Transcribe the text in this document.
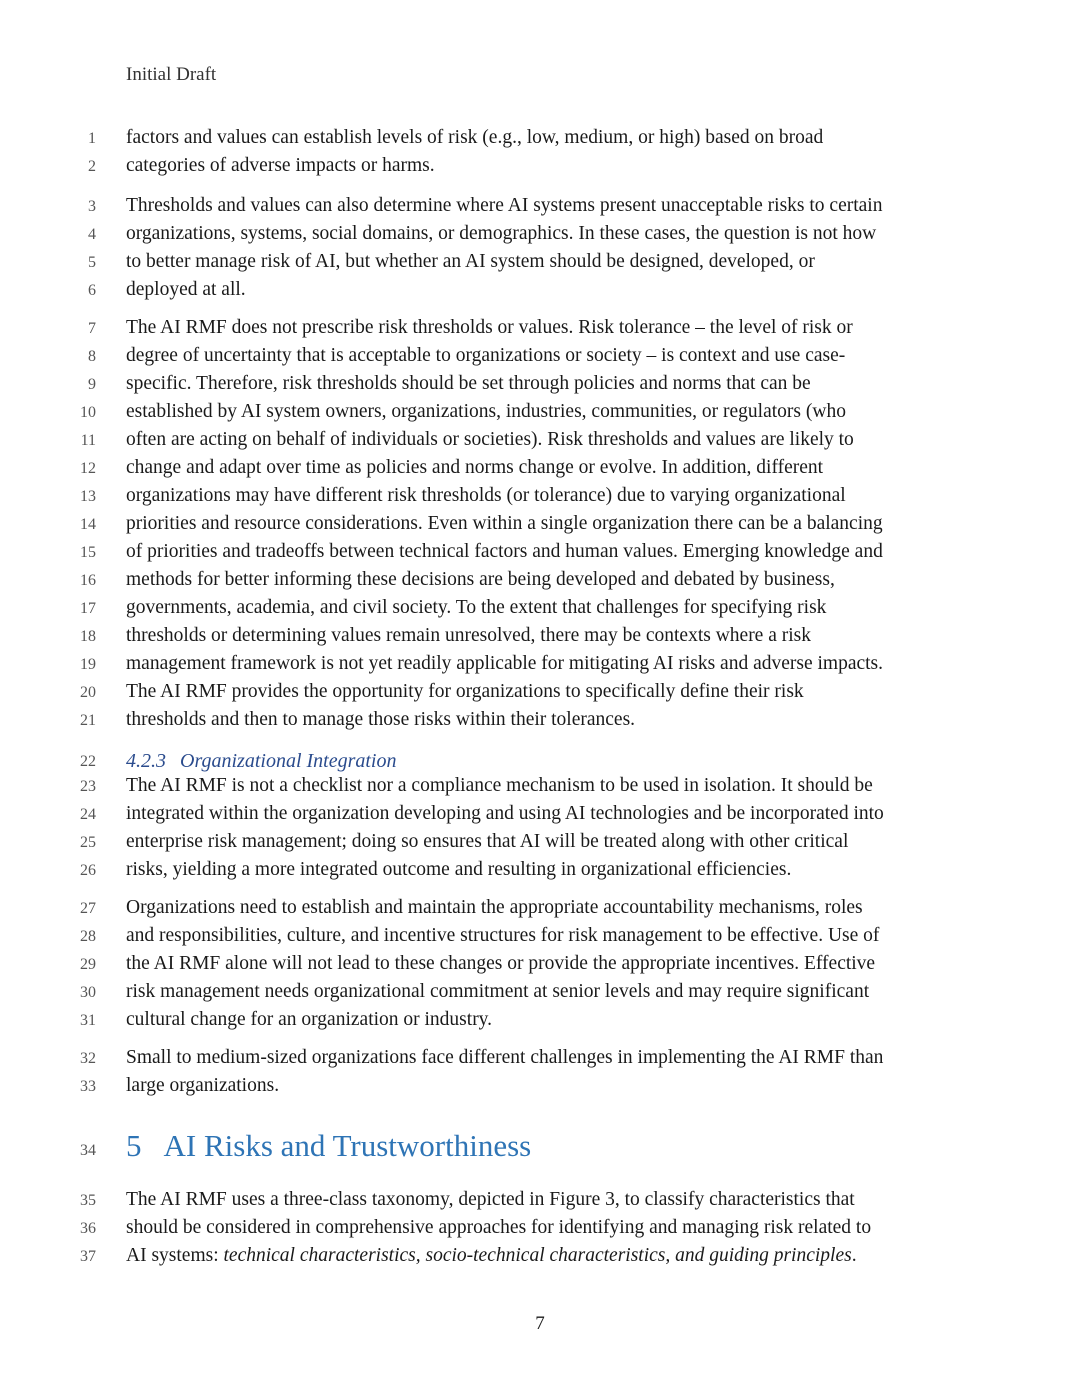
Initial Draft
1 factors and values can establish levels of risk (e.g., low, medium, or high) based on broad
2 categories of adverse impacts or harms.
3 Thresholds and values can also determine where AI systems present unacceptable risks to certain
4 organizations, systems, social domains, or demographics. In these cases, the question is not how
5 to better manage risk of AI, but whether an AI system should be designed, developed, or
6 deployed at all.
7 The AI RMF does not prescribe risk thresholds or values. Risk tolerance – the level of risk or
8 degree of uncertainty that is acceptable to organizations or society – is context and use case-
9 specific. Therefore, risk thresholds should be set through policies and norms that can be
10 established by AI system owners, organizations, industries, communities, or regulators (who
11 often are acting on behalf of individuals or societies). Risk thresholds and values are likely to
12 change and adapt over time as policies and norms change or evolve. In addition, different
13 organizations may have different risk thresholds (or tolerance) due to varying organizational
14 priorities and resource considerations. Even within a single organization there can be a balancing
15 of priorities and tradeoffs between technical factors and human values. Emerging knowledge and
16 methods for better informing these decisions are being developed and debated by business,
17 governments, academia, and civil society. To the extent that challenges for specifying risk
18 thresholds or determining values remain unresolved, there may be contexts where a risk
19 management framework is not yet readily applicable for mitigating AI risks and adverse impacts.
20 The AI RMF provides the opportunity for organizations to specifically define their risk
21 thresholds and then to manage those risks within their tolerances.
22 4.2.3 Organizational Integration
23 The AI RMF is not a checklist nor a compliance mechanism to be used in isolation. It should be
24 integrated within the organization developing and using AI technologies and be incorporated into
25 enterprise risk management; doing so ensures that AI will be treated along with other critical
26 risks, yielding a more integrated outcome and resulting in organizational efficiencies.
27 Organizations need to establish and maintain the appropriate accountability mechanisms, roles
28 and responsibilities, culture, and incentive structures for risk management to be effective. Use of
29 the AI RMF alone will not lead to these changes or provide the appropriate incentives. Effective
30 risk management needs organizational commitment at senior levels and may require significant
31 cultural change for an organization or industry.
32 Small to medium-sized organizations face different challenges in implementing the AI RMF than
33 large organizations.
34 5 AI Risks and Trustworthiness
35 The AI RMF uses a three-class taxonomy, depicted in Figure 3, to classify characteristics that
36 should be considered in comprehensive approaches for identifying and managing risk related to
37 AI systems: technical characteristics, socio-technical characteristics, and guiding principles.
7
